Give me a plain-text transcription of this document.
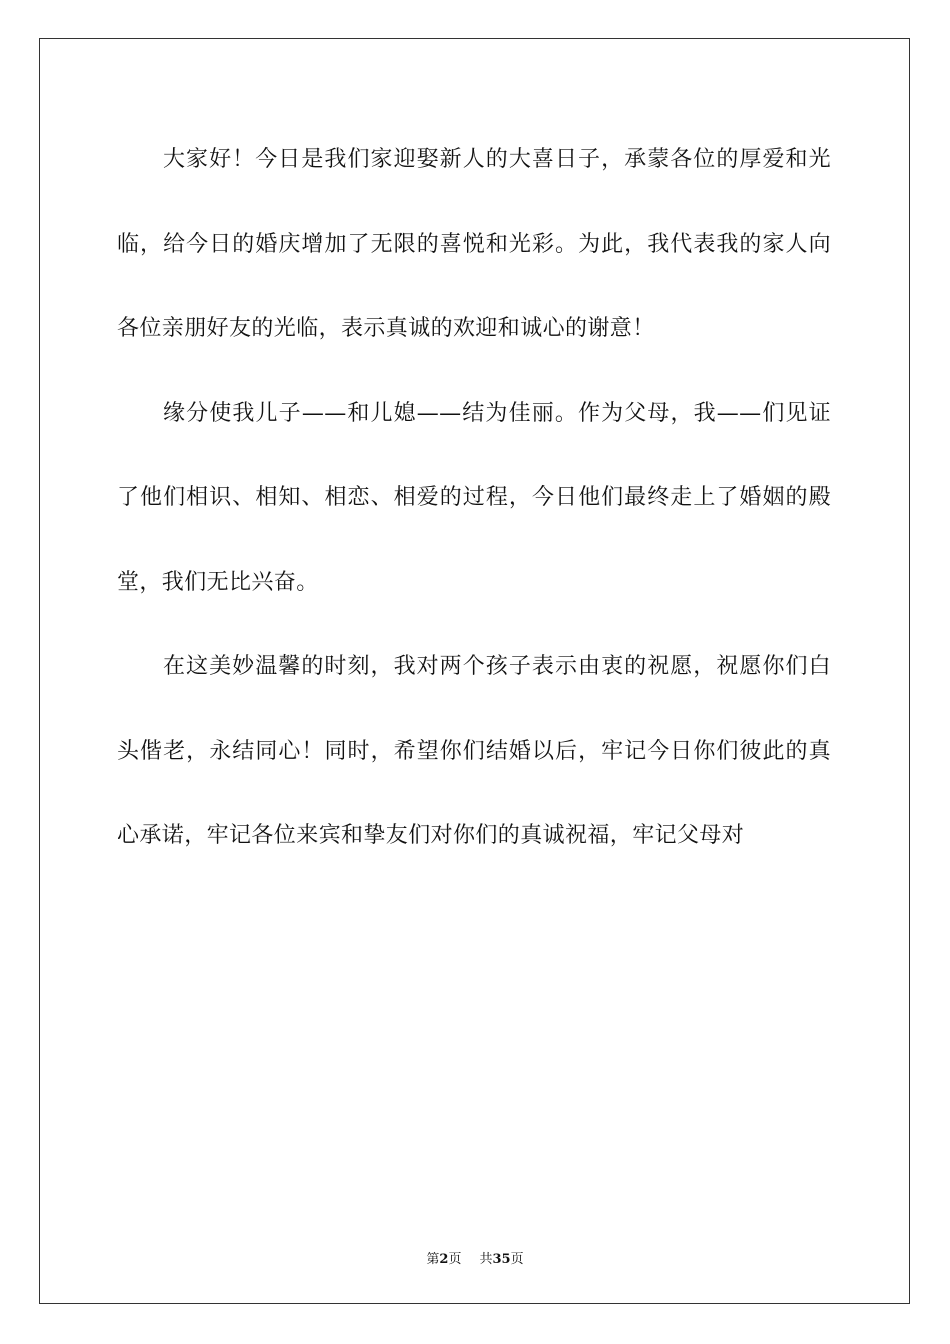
大家好！今日是我们家迎娶新人的大喜日子，承蒙各位的厚爱和光临，给今日的婚庆增加了无限的喜悦和光彩。为此，我代表我的家人向各位亲朋好友的光临，表示真诚的欢迎和诚心的谢意！

缘分使我儿子——和儿媳——结为佳丽。作为父母，我——们见证了他们相识、相知、相恋、相爱的过程，今日他们最终走上了婚姻的殿堂，我们无比兴奋。

在这美妙温馨的时刻，我对两个孩子表示由衷的祝愿，祝愿你们白头偕老，永结同心！同时，希望你们结婚以后，牢记今日你们彼此的真心承诺，牢记各位来宾和挚友们对你们的真诚祝福，牢记父母对

第2页 共35页
